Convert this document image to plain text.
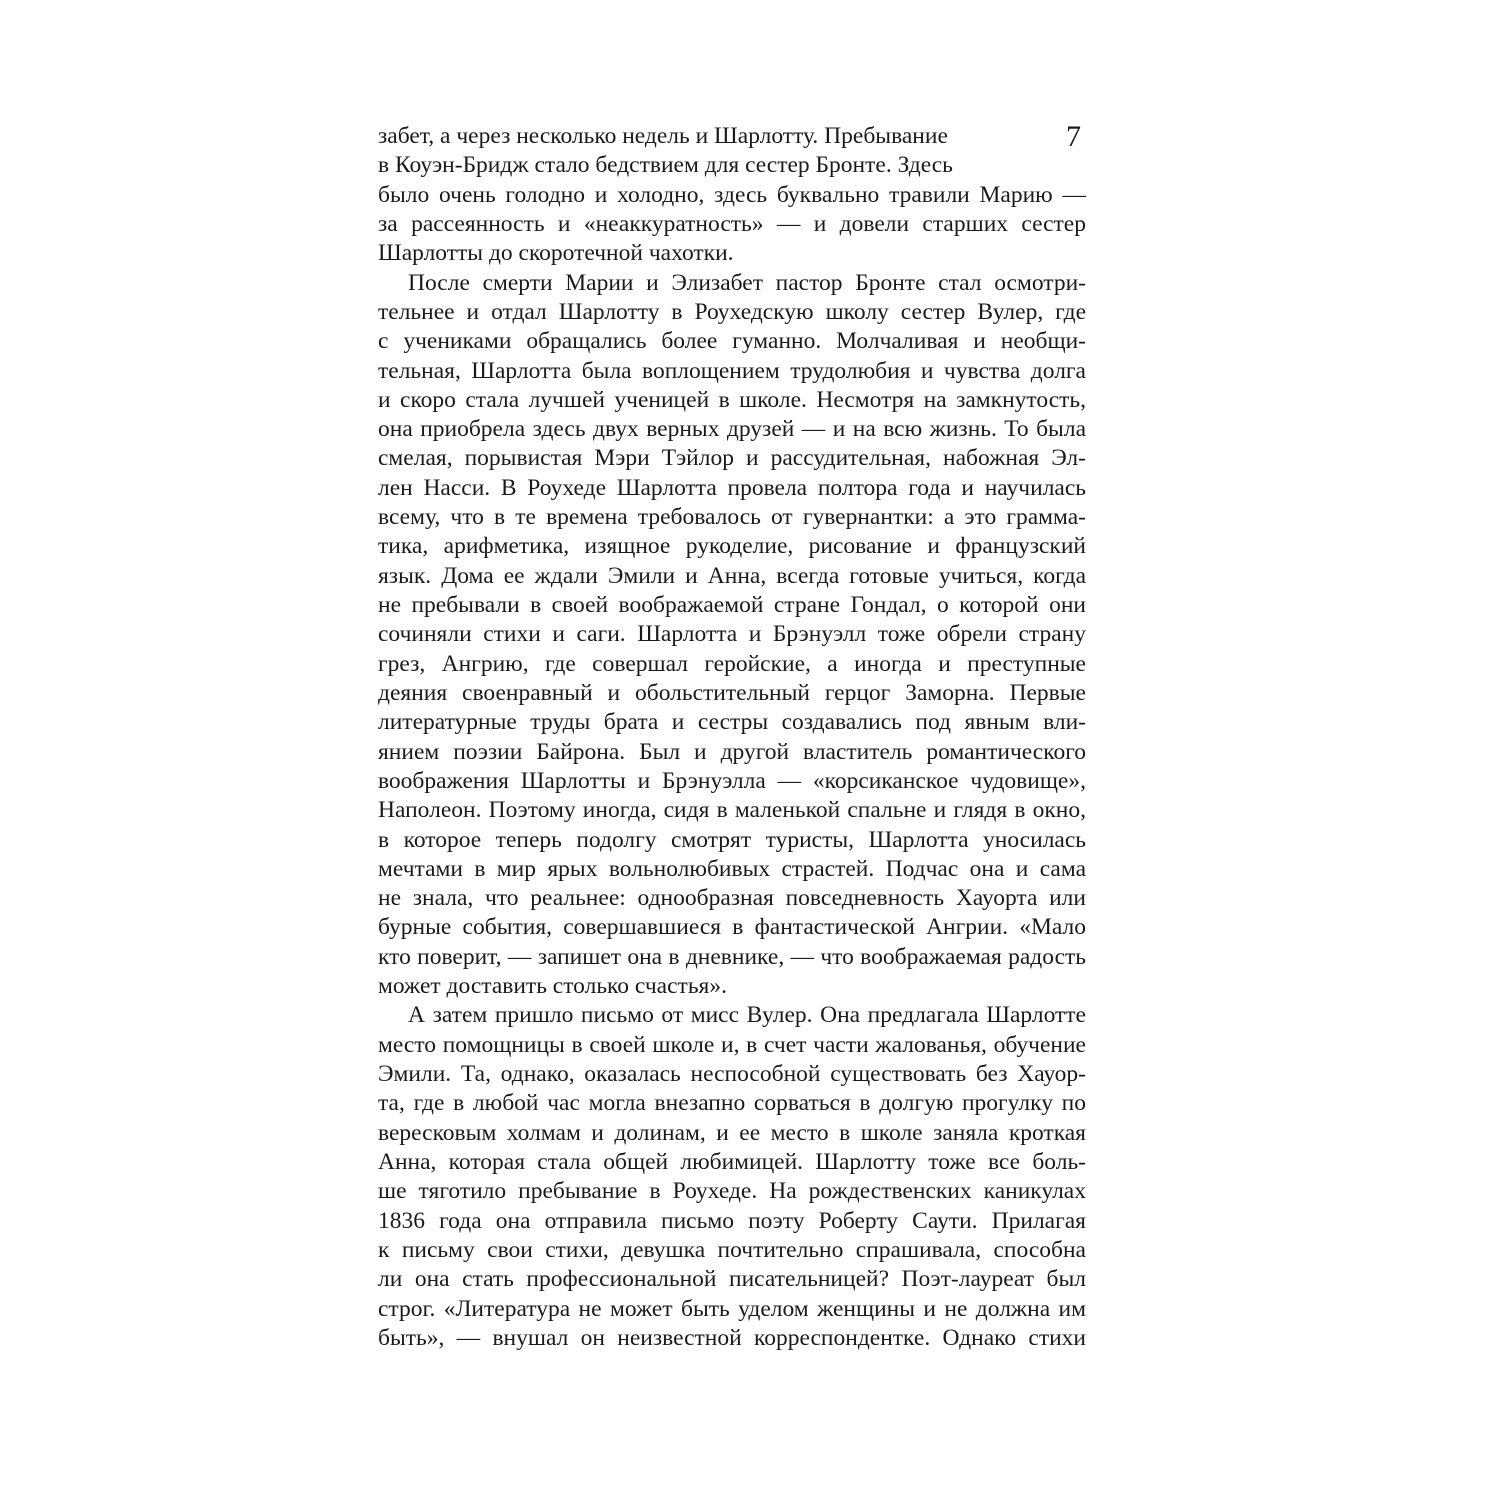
7
забет, а через несколько недель и Шарлотту. Пребывание
в Коуэн-Бридж стало бедствием для сестер Бронте. Здесь
было очень голодно и холодно, здесь буквально травили Марию —
за рассеянность и «неаккуратность» — и довели старших сестер
Шарлотты до скоротечной чахотки.
После смерти Марии и Элизабет пастор Бронте стал осмотри-
тельнее и отдал Шарлотту в Роухедскую школу сестер Вулер, где
с учениками обращались более гуманно. Молчаливая и необщи-
тельная, Шарлотта была воплощением трудолюбия и чувства долга
и скоро стала лучшей ученицей в школе. Несмотря на замкнутость,
она приобрела здесь двух верных друзей — и на всю жизнь. То была
смелая, порывистая Мэри Тэйлор и рассудительная, набожная Эл-
лен Насси. В Роухеде Шарлотта провела полтора года и научилась
всему, что в те времена требовалось от гувернантки: а это грамма-
тика, арифметика, изящное рукоделие, рисование и французский
язык. Дома ее ждали Эмили и Анна, всегда готовые учиться, когда
не пребывали в своей воображаемой стране Гондал, о которой они
сочиняли стихи и саги. Шарлотта и Брэнуэлл тоже обрели страну
грез, Ангрию, где совершал геройские, а иногда и преступные
деяния своенравный и обольстительный герцог Заморна. Первые
литературные труды брата и сестры создавались под явным вли-
янием поэзии Байрона. Был и другой властитель романтического
воображения Шарлотты и Брэнуэлла — «корсиканское чудовище»,
Наполеон. Поэтому иногда, сидя в маленькой спальне и глядя в окно,
в которое теперь подолгу смотрят туристы, Шарлотта уносилась
мечтами в мир ярых вольнолюбивых страстей. Подчас она и сама
не знала, что реальнее: однообразная повседневность Хауорта или
бурные события, совершавшиеся в фантастической Ангрии. «Мало
кто поверит, — запишет она в дневнике, — что воображаемая радость
может доставить столько счастья».
А затем пришло письмо от мисс Вулер. Она предлагала Шарлотте
место помощницы в своей школе и, в счет части жалованья, обучение
Эмили. Та, однако, оказалась неспособной существовать без Хауор-
та, где в любой час могла внезапно сорваться в долгую прогулку по
вересковым холмам и долинам, и ее место в школе заняла кроткая
Анна, которая стала общей любимицей. Шарлотту тоже все боль-
ше тяготило пребывание в Роухеде. На рождественских каникулах
1836 года она отправила письмо поэту Роберту Саути. Прилагая
к письму свои стихи, девушка почтительно спрашивала, способна
ли она стать профессиональной писательницей? Поэт-лауреат был
строг. «Литература не может быть уделом женщины и не должна им
быть», — внушал он неизвестной корреспондентке. Однако стихи
